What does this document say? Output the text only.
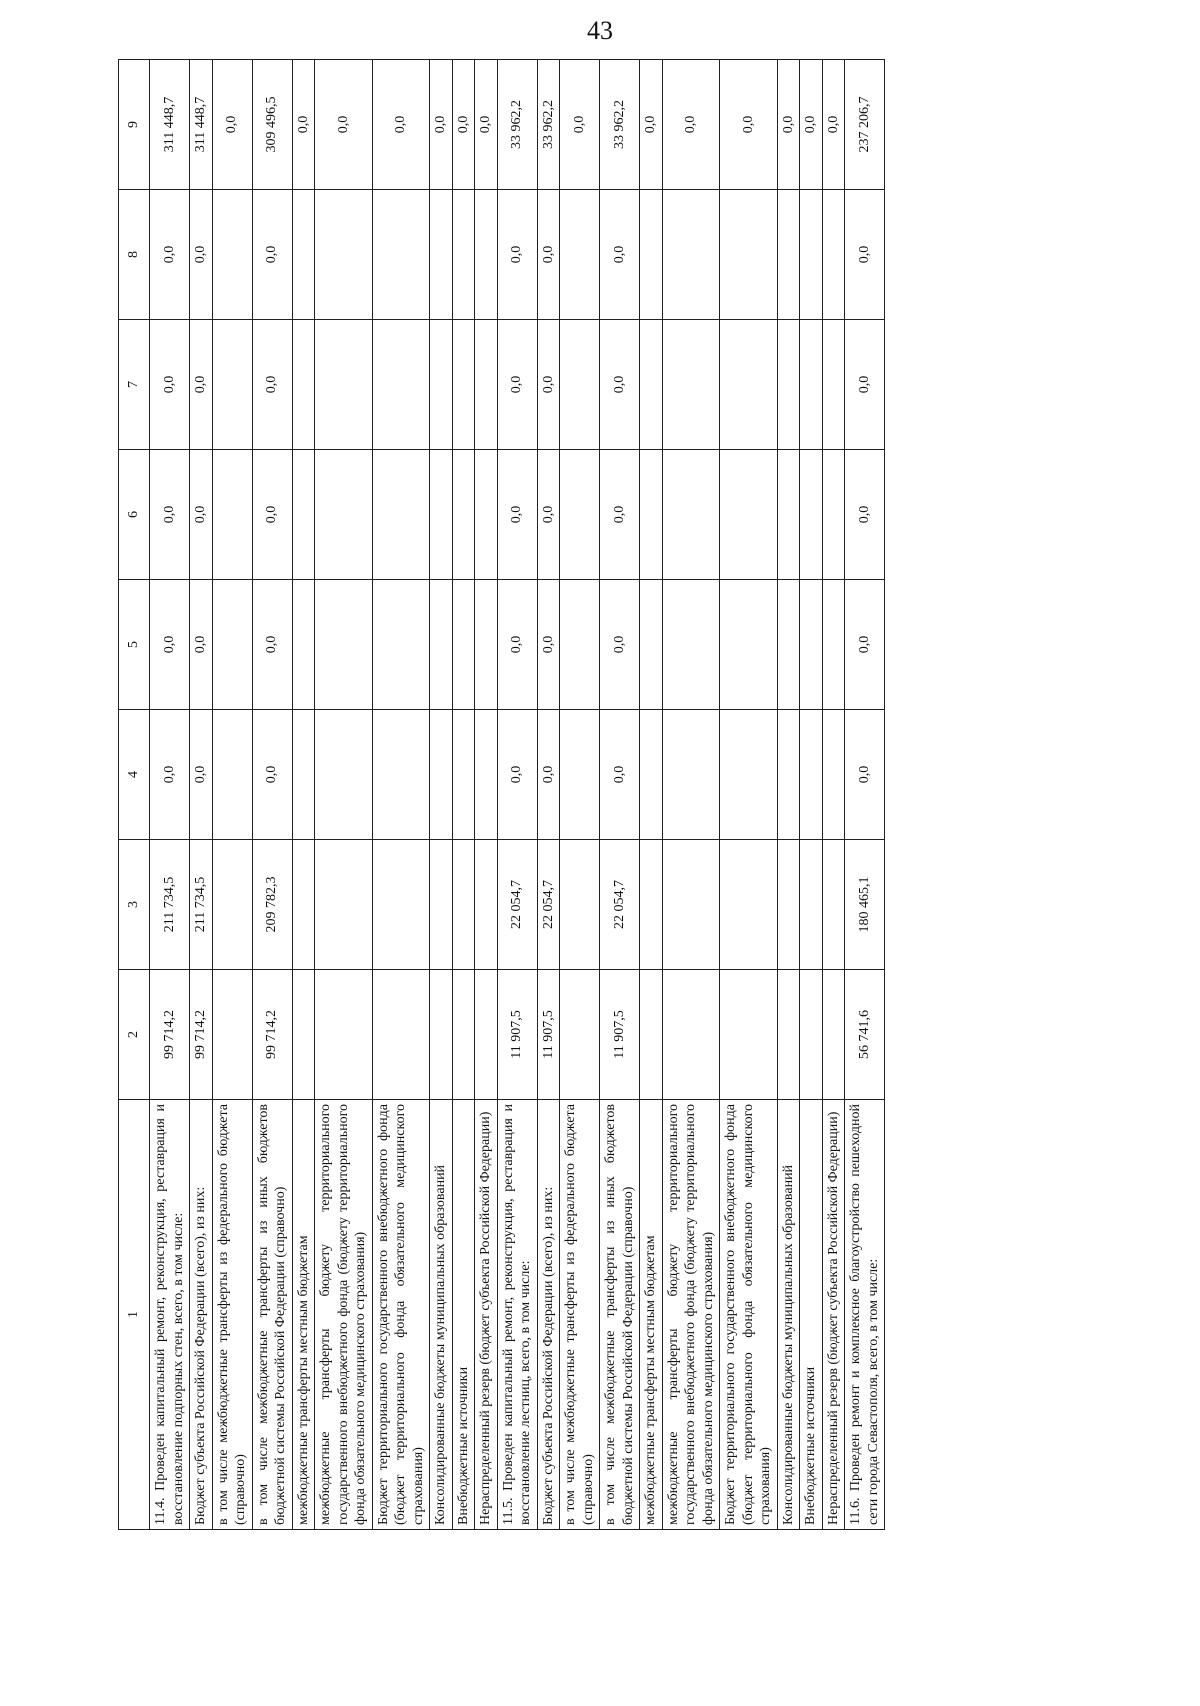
43
1	2	3	4	5	6	7	8	9
11.4. Проведен капитальный ремонт, реконструкция, реставрация и восстановление подпорных стен, всего, в том числе:	99 714,2	211 734,5	0,0	0,0	0,0	0,0	0,0	311 448,7
Бюджет субъекта Российской Федерации (всего), из них:	99 714,2	211 734,5	0,0	0,0	0,0	0,0	0,0	311 448,7
в том числе межбюджетные трансферты из федерального бюджета (справочно)								0,0
в том числе межбюджетные трансферты из иных бюджетов бюджетной системы Российской Федерации (справочно)	99 714,2	209 782,3	0,0	0,0	0,0	0,0	0,0	309 496,5
межбюджетные трансферты местным бюджетам								0,0
межбюджетные трансферты бюджету территориального государственного внебюджетного фонда (бюджету территориального фонда обязательного медицинского страхования)								0,0
Бюджет территориального государственного внебюджетного фонда (бюджет территориального фонда обязательного медицинского страхования)								0,0
Консолидированные бюджеты муниципальных образований								0,0
Внебюджетные источники								0,0
Нераспределенный резерв (бюджет субъекта Российской Федерации)								0,0
11.5. Проведен капитальный ремонт, реконструкция, реставрация и восстановление лестниц, всего, в том числе:	11 907,5	22 054,7	0,0	0,0	0,0	0,0	0,0	33 962,2
Бюджет субъекта Российской Федерации (всего), из них:	11 907,5	22 054,7	0,0	0,0	0,0	0,0	0,0	33 962,2
в том числе межбюджетные трансферты из федерального бюджета (справочно)								0,0
в том числе межбюджетные трансферты из иных бюджетов бюджетной системы Российской Федерации (справочно)	11 907,5	22 054,7	0,0	0,0	0,0	0,0	0,0	33 962,2
межбюджетные трансферты местным бюджетам								0,0
межбюджетные трансферты бюджету территориального государственного внебюджетного фонда (бюджету территориального фонда обязательного медицинского страхования)								0,0
Бюджет территориального государственного внебюджетного фонда (бюджет территориального фонда обязательного медицинского страхования)								0,0
Консолидированные бюджеты муниципальных образований								0,0
Внебюджетные источники								0,0
Нераспределенный резерв (бюджет субъекта Российской Федерации)								0,0
11.6. Проведен ремонт и комплексное благоустройство пешеходной сети города Севастополя, всего, в том числе:	56 741,6	180 465,1	0,0	0,0	0,0	0,0	0,0	237 206,7
